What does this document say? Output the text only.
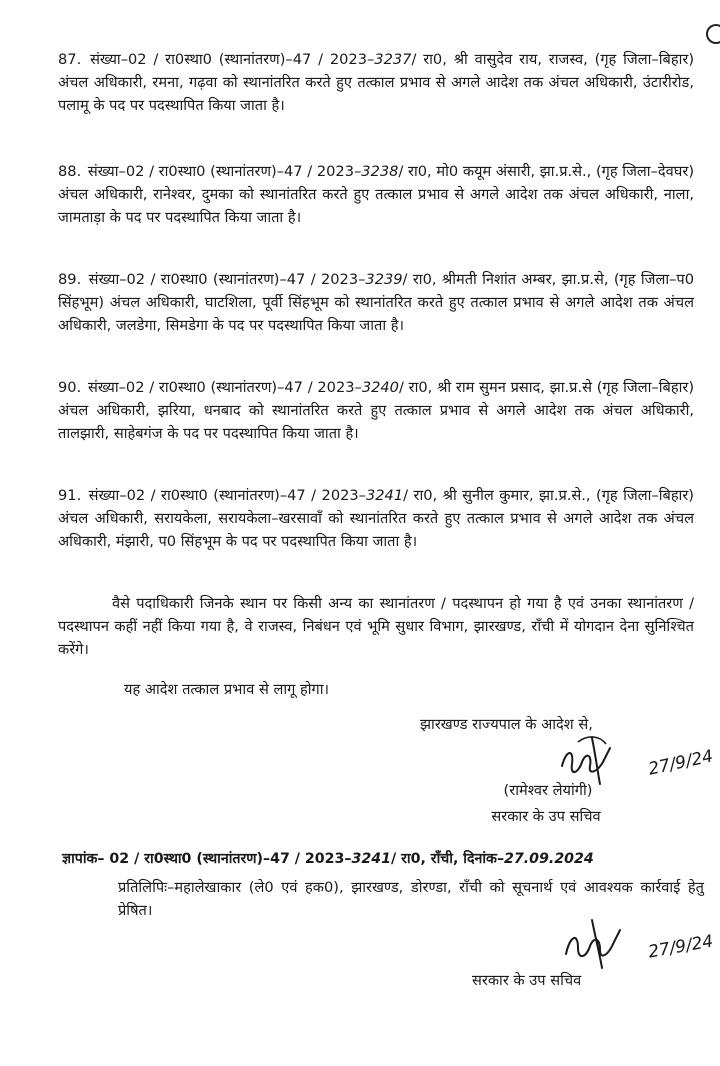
87. संख्या–02 / रा0स्था0 (स्थानांतरण)–47 / 2023–3237/ रा0, श्री वासुदेव राय, राजस्व, (गृह जिला–बिहार) अंचल अधिकारी, रमना, गढ़वा को स्थानांतरित करते हुए तत्काल प्रभाव से अगले आदेश तक अंचल अधिकारी, उंटारीरोड, पलामू के पद पर पदस्थापित किया जाता है।
88. संख्या–02 / रा0स्था0 (स्थानांतरण)–47 / 2023–3238/ रा0, मो0 कयूम अंसारी, झा.प्र.से., (गृह जिला–देवघर) अंचल अधिकारी, रानेश्वर, दुमका को स्थानांतरित करते हुए तत्काल प्रभाव से अगले आदेश तक अंचल अधिकारी, नाला, जामताड़ा के पद पर पदस्थापित किया जाता है।
89. संख्या–02 / रा0स्था0 (स्थानांतरण)–47 / 2023–3239/ रा0, श्रीमती निशांत अम्बर, झा.प्र.से, (गृह जिला–प0 सिंहभूम) अंचल अधिकारी, घाटशिला, पूर्वी सिंहभूम को स्थानांतरित करते हुए तत्काल प्रभाव से अगले आदेश तक अंचल अधिकारी, जलडेगा, सिमडेगा के पद पर पदस्थापित किया जाता है।
90. संख्या–02 / रा0स्था0 (स्थानांतरण)–47 / 2023–3240/ रा0, श्री राम सुमन प्रसाद, झा.प्र.से (गृह जिला–बिहार) अंचल अधिकारी, झरिया, धनबाद को स्थानांतरित करते हुए तत्काल प्रभाव से अगले आदेश तक अंचल अधिकारी, तालझारी, साहेबगंज के पद पर पदस्थापित किया जाता है।
91. संख्या–02 / रा0स्था0 (स्थानांतरण)–47 / 2023–3241/ रा0, श्री सुनील कुमार, झा.प्र.से., (गृह जिला–बिहार) अंचल अधिकारी, सरायकेला, सरायकेला–खरसावाँ को स्थानांतरित करते हुए तत्काल प्रभाव से अगले आदेश तक अंचल अधिकारी, मंझारी, प0 सिंहभूम के पद पर पदस्थापित किया जाता है।
वैसे पदाधिकारी जिनके स्थान पर किसी अन्य का स्थानांतरण / पदस्थापन हो गया है एवं उनका स्थानांतरण / पदस्थापन कहीं नहीं किया गया है, वे राजस्व, निबंधन एवं भूमि सुधार विभाग, झारखण्ड, राँची में योगदान देना सुनिश्चित करेंगे।
यह आदेश तत्काल प्रभाव से लागू होगा।
झारखण्ड राज्यपाल के आदेश से,
27/9/24
(रामेश्वर लेयांगी)
सरकार के उप सचिव
ज्ञापांक– 02 / रा0स्था0 (स्थानांतरण)–47 / 2023–3241/ रा0, राँची, दिनांक–27.09.2024
प्रतिलिपिः–महालेखाकार (ले0 एवं हक0), झारखण्ड, डोरण्डा, राँची को सूचनार्थ एवं आवश्यक कार्रवाई हेतु प्रेषित।
27/9/24
सरकार के उप सचिव
